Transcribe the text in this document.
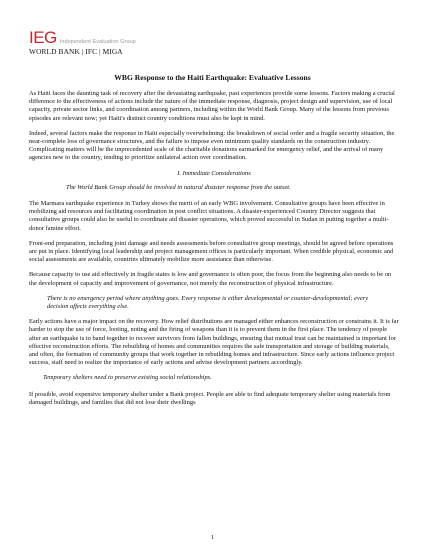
IEG Independent Evaluation Group
WORLD BANK | IFC | MIGA
WBG Response to the Haiti Earthquake: Evaluative Lessons

As Haiti faces the daunting task of recovery after the devastating earthquake, past experiences provide some lessons. Factors making a crucial difference to the effectiveness of actions include the nature of the immediate response, diagnosis, project design and supervision, use of local capacity, private sector links, and coordination among partners, including within the World Bank Group. Many of the lessons from previous episodes are relevant now; yet Haiti's distinct country conditions must also be kept in mind.

Indeed, several factors make the response in Haiti especially overwhelming: the breakdown of social order and a fragile security situation, the near-complete loss of governance structures, and the failure to impose even minimum quality standards on the construction industry. Complicating matters will be the unprecedented scale of the charitable donations earmarked for emergency relief, and the arrival of many agencies new to the country, tending to prioritize unilateral action over coordination.

I. Immediate Considerations
The World Bank Group should be involved in natural disaster response from the outset.

The Marmara earthquake experience in Turkey shows the merit of an early WBG involvement. Consultative groups have been effective in mobilizing aid resources and facilitating coordination in post conflict situations. A disaster-experienced Country Director suggests that consultative groups could also be useful to coordinate aid disaster operations, which proved successful in Sudan in putting together a multi-donor famine effort.

Front-end preparation, including joint damage and needs assessments before consultative group meetings, should be agreed before operations are put in place. Identifying local leadership and project management offices is particularly important. When credible physical, economic and social assessments are available, countries ultimately mobilize more assistance than otherwise.

Because capacity to use aid effectively in fragile states is low and governance is often poor, the focus from the beginning also needs to be on the development of capacity and improvement of governance, not merely the reconstruction of physical infrastructure.

There is no emergency period where anything goes. Every response is either developmental or counter-developmental; every decision affects everything else.

Early actions have a major impact on the recovery. How relief distributions are managed either enhances reconstruction or constrains it. It is far harder to stop the use of force, looting, noting and the firing of weapons than it is to prevent them in the first place. The tendency of people after an earthquake is to band together to recover survivors from fallen buildings, ensuring that mutual trust can be maintained is important for effective reconstruction efforts. The rebuilding of homes and communities requires the safe transportation and storage of building materials, and often, the formation of community groups that work together in rebuilding homes and infrastructure. Since early actions influence project success, staff need to realize the importance of early actions and advise development partners accordingly.

Temporary shelters need to preserve existing social relationships.

If possible, avoid expensive temporary shelter under a Bank project. People are able to find adequate temporary shelter using materials from damaged buildings, and families that did not lose their dwellings

1
